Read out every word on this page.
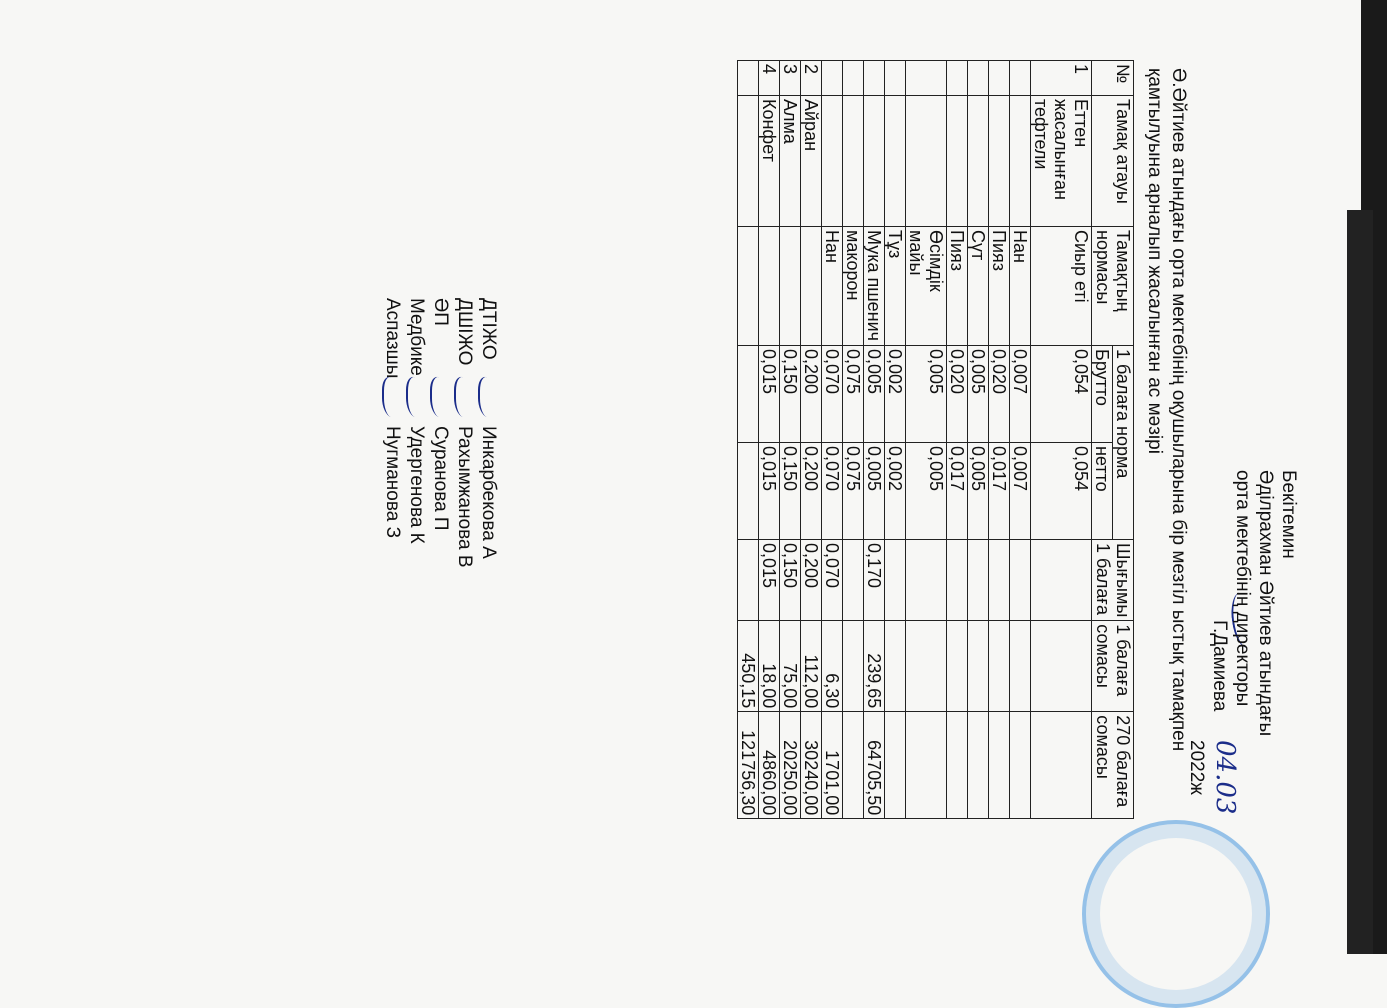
04.03
Бекітемин
Әділрахман Әйтиев атындағы
орта мектебінің директоры
Г.Дамиева
2022ж
Ә.Әйтиев атындағы орта мектебінің оқушыларына бір мезгіл ыстық тамақпен
қамтылуына арналып жасалынған ас мәзірі
№	Тамақ атауы	Тамақтың нормасы	1 балаға норма		Шығымы 1 балаға	1 балаға сомасы	270 балаға сомасы
			Брутто	нетто			
1	Еттен жасалынған тефтели	Сиыр еті	0,054	0,054			
		Нан	0,007	0,007			
		Пияз	0,020	0,017			
		Сүт	0,005	0,005			
		Пияз	0,020	0,017			
		Өсімдік майы	0,005	0,005			
		Тұз	0,002	0,002			
		Мука пшенич	0,005	0,005	0,170	239,65	64705,50
		макорон	0,075	0,075			
		Нан	0,070	0,070	0,070	6,30	1701,00
2	Айран		0,200	0,200	0,200	112,00	30240,00
3	Алма		0,150	0,150	0,150	75,00	20250,00
4	Конфет		0,015	0,015	0,015	18,00	4860,00
						450,15	121756,30
ДТІЖО
Инкарбекова А
ДШІЖО
Рахымжанова В
ӘП
Суранова П
Медбике
Удергенова К
Аспазшы
Нугманова З
